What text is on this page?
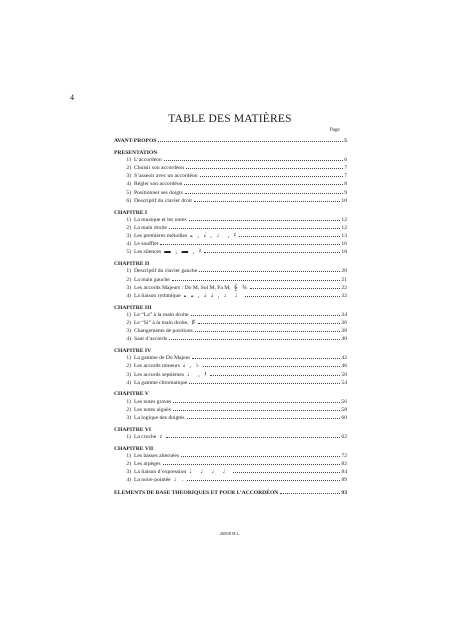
4
TABLE DES MATIÈRES
Page
AVANT-PROPOS	5
PRESENTATION
1) L’accordéon	6
2) Choisir son accordéon	7
3) S’asseoir avec un accordéon	7
4) Régler son accordéon	8
5) Positionner ses doigts	9
6) Descriptif du clavier droit	10
CHAPITRE I
1) La musique et les notes	12
2) La main droite	12
3) Les premières mélodies 𝅝 , 𝅗𝅥 , ♩ , 𝄽	13
4) Le soufflet	16
5) Les silences ▬ , ▬ , 𝄽	18
CHAPITRE II
1) Descriptif du clavier gauche	20
2) La main gauche	21
3) Les accords Majeurs : Do M, Sol M, Fa M, 𝄞 ¾	22
4) La liaison rythmique 𝅝 𝅝 , 𝅗𝅥 𝅗𝅥 , ♩ ♩	32
CHAPITRE III
1) Le “La” à la main droite	34
2) Le “Si” à la main droite, ♯	36
3) Changements de positions	38
4) Saut d’accords	40
CHAPITRE IV
1) La gamme de Do Majeur	42
2) Les accords mineurs 𝅗𝅥 , ♭	46
3) Les accords septièmes ♩ , 𝄽	50
4) La gamme chromatique	54
CHAPITRE V
1) Les notes graves	56
2) Les notes aiguës	58
3) La logique des doigtés	60
CHAPITRE VI
1) La croche ♪	62
CHAPITRE VII
1) Les basses alternées	72
2) Les arpèges	82
3) La liaison d’expression ♩ ♩ ♩ ♩	84
4) La noire pointée ♩.	89
ELEMENTS DE BASE THEORIQUES ET POUR L’ACCORDÉON	93
26858 H.L.
